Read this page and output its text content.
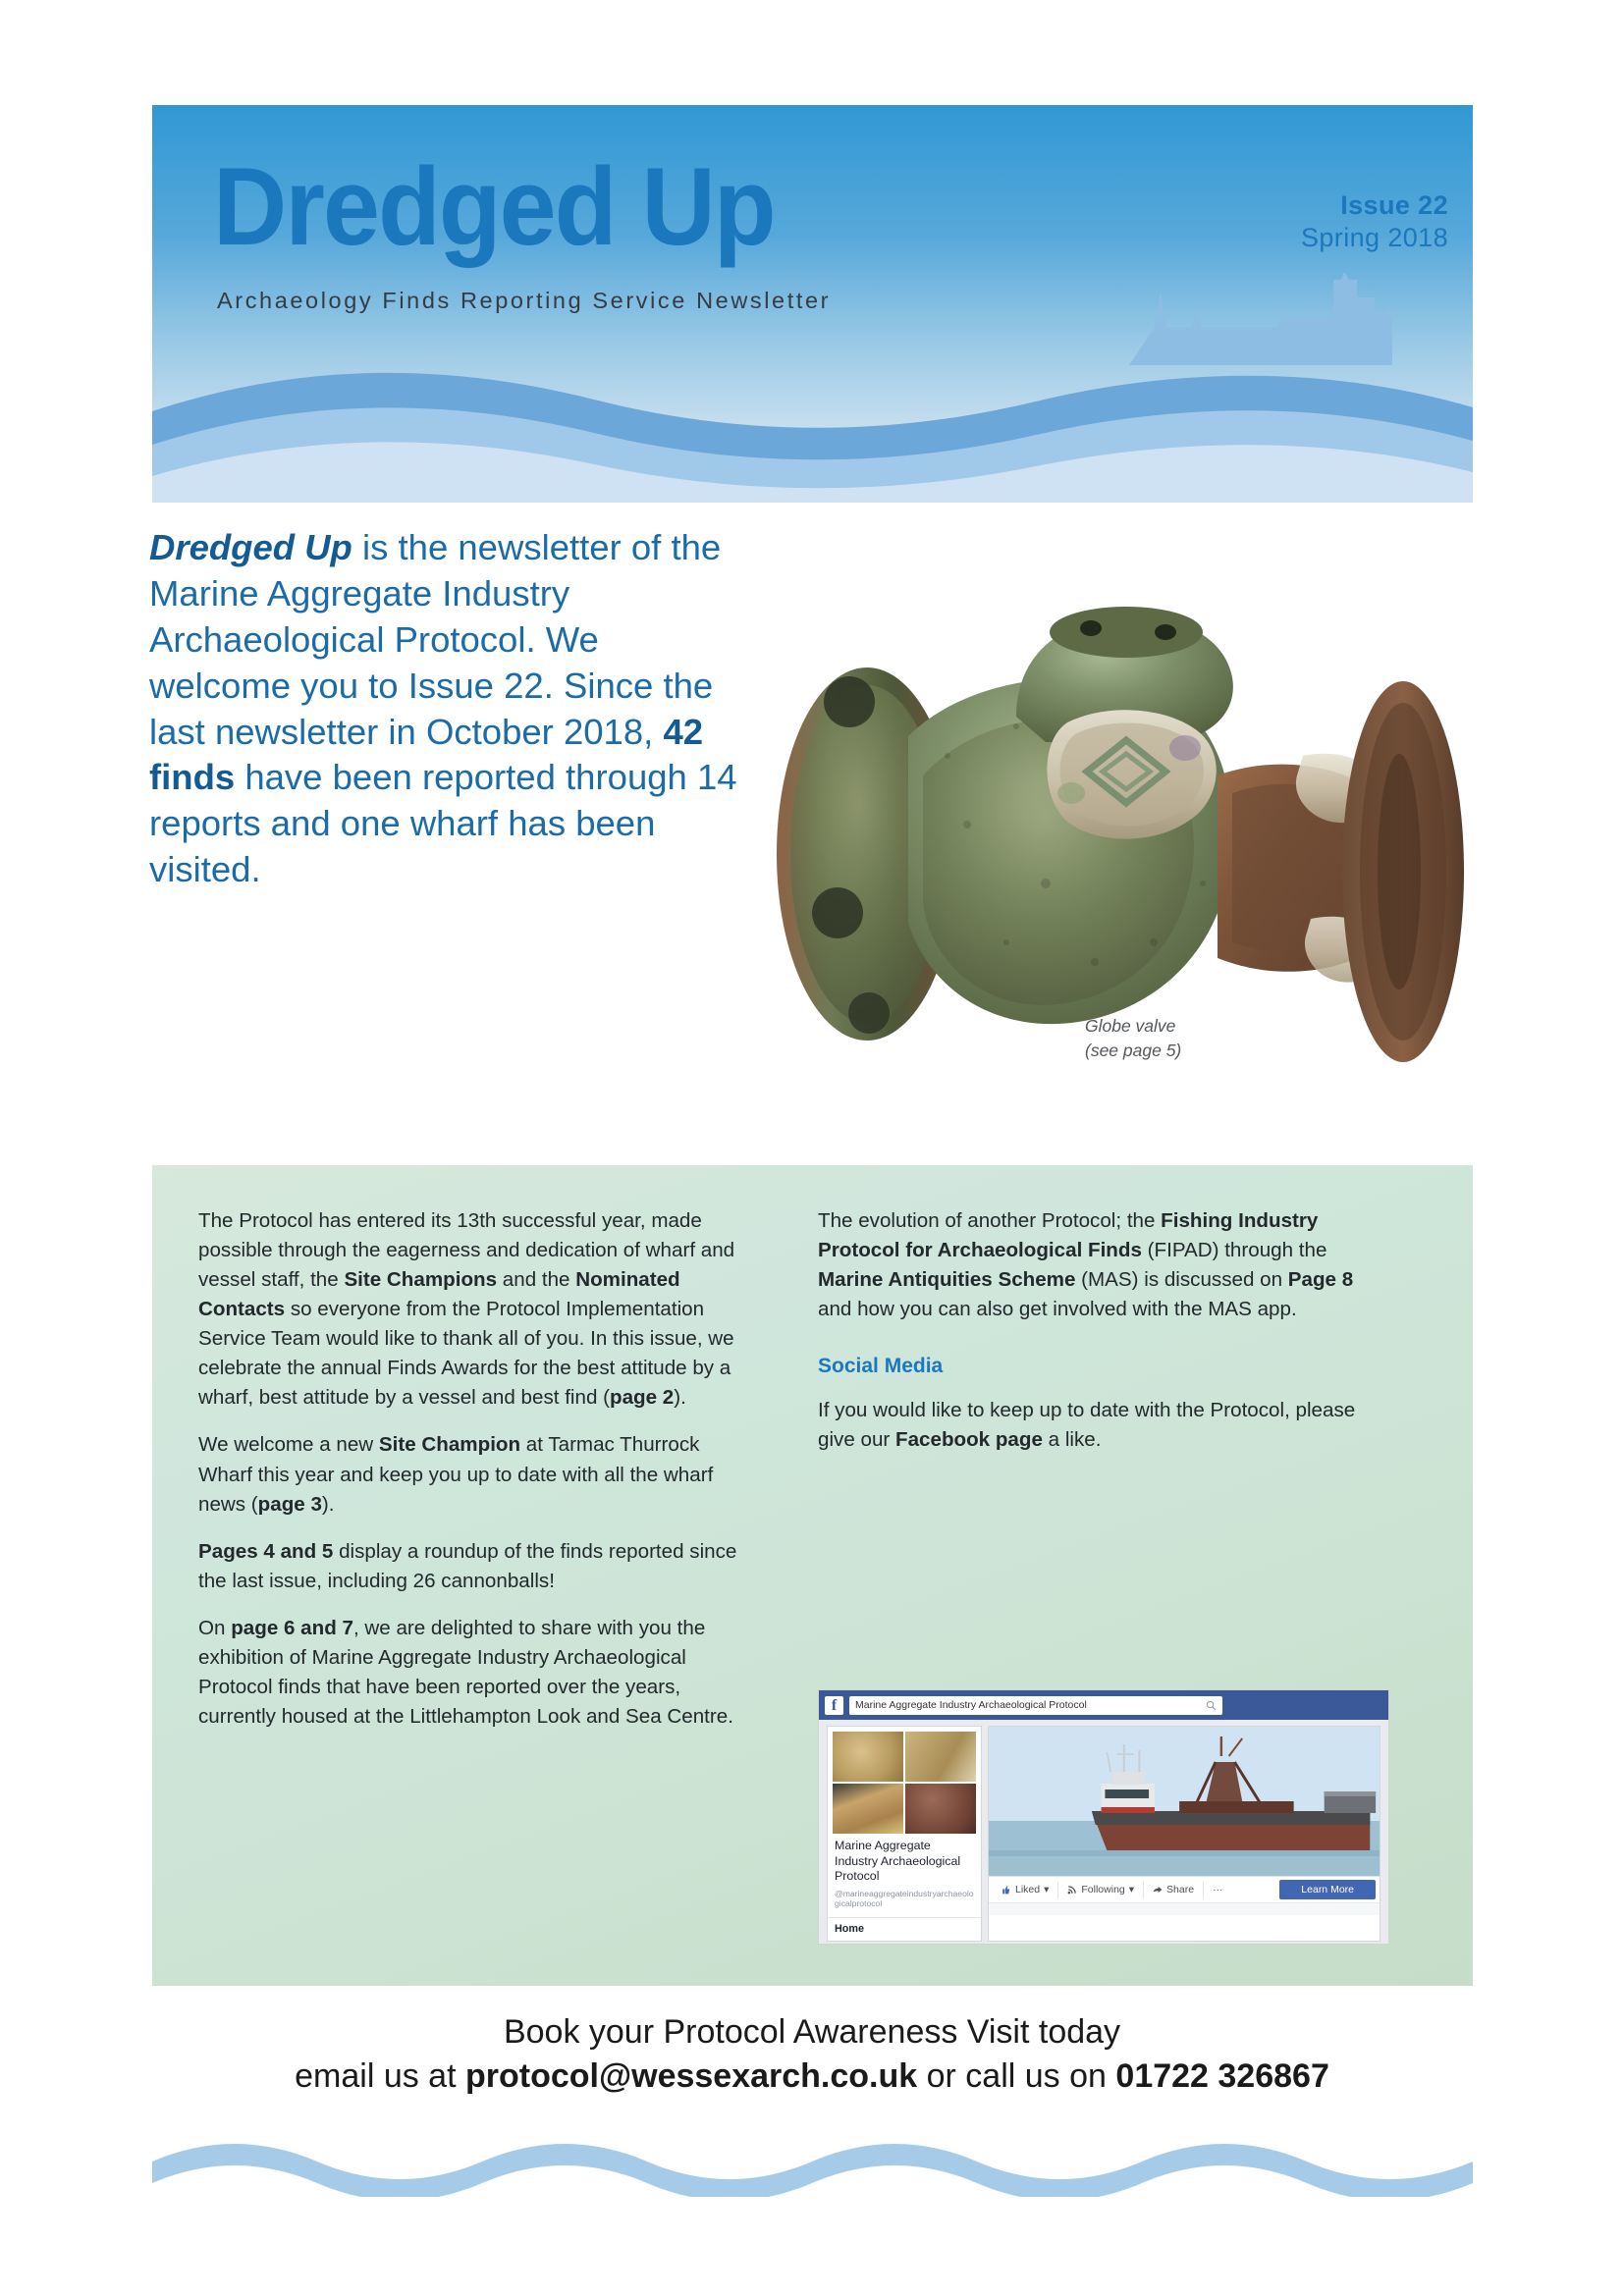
Dredged Up
Archaeology Finds Reporting Service Newsletter
Issue 22
Spring 2018
Dredged Up is the newsletter of the Marine Aggregate Industry Archaeological Protocol. We welcome you to Issue 22. Since the last newsletter in October 2018, 42 finds have been reported through 14 reports and one wharf has been visited.
Globe valve
(see page 5)

The Protocol has entered its 13th successful year, made possible through the eagerness and dedication of wharf and vessel staff, the Site Champions and the Nominated Contacts so everyone from the Protocol Implementation Service Team would like to thank all of you. In this issue, we celebrate the annual Finds Awards for the best attitude by a wharf, best attitude by a vessel and best find (page 2).

We welcome a new Site Champion at Tarmac Thurrock Wharf this year and keep you up to date with all the wharf news (page 3).

Pages 4 and 5 display a roundup of the finds reported since the last issue, including 26 cannonballs!

On page 6 and 7, we are delighted to share with you the exhibition of Marine Aggregate Industry Archaeological Protocol finds that have been reported over the years, currently housed at the Littlehampton Look and Sea Centre.

The evolution of another Protocol; the Fishing Industry Protocol for Archaeological Finds (FIPAD) through the Marine Antiquities Scheme (MAS) is discussed on Page 8 and how you can also get involved with the MAS app.

Social Media

If you would like to keep up to date with the Protocol, please give our Facebook page a like.

f	Marine Aggregate Industry Archaeological Protocol
Marine Aggregate Industry Archaeological Protocol
@marineaggregateindustryarchaeologicalprotocol
Home
Liked ▾	Following ▾	Share ···	Learn More
Book your Protocol Awareness Visit today
email us at protocol@wessexarch.co.uk or call us on 01722 326867
